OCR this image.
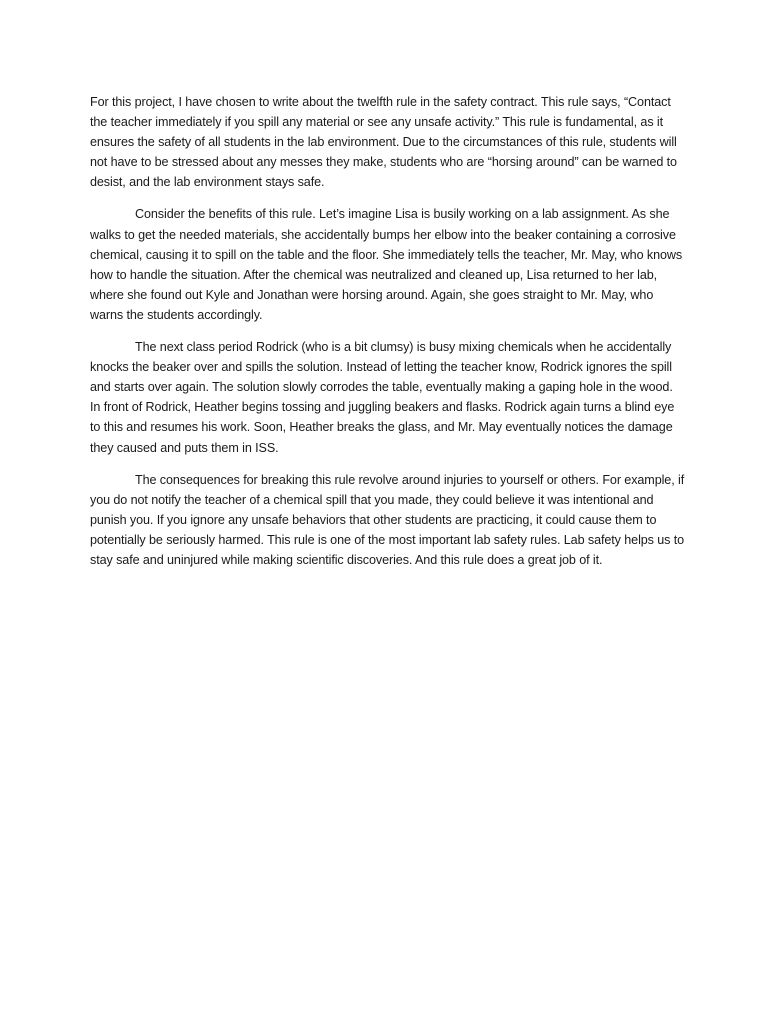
For this project, I have chosen to write about the twelfth rule in the safety contract. This rule says, “Contact the teacher immediately if you spill any material or see any unsafe activity.” This rule is fundamental, as it ensures the safety of all students in the lab environment. Due to the circumstances of this rule, students will not have to be stressed about any messes they make, students who are “horsing around” can be warned to desist, and the lab environment stays safe.

Consider the benefits of this rule. Let’s imagine Lisa is busily working on a lab assignment. As she walks to get the needed materials, she accidentally bumps her elbow into the beaker containing a corrosive chemical, causing it to spill on the table and the floor. She immediately tells the teacher, Mr. May, who knows how to handle the situation. After the chemical was neutralized and cleaned up, Lisa returned to her lab, where she found out Kyle and Jonathan were horsing around. Again, she goes straight to Mr. May, who warns the students accordingly.

The next class period Rodrick (who is a bit clumsy) is busy mixing chemicals when he accidentally knocks the beaker over and spills the solution. Instead of letting the teacher know, Rodrick ignores the spill and starts over again. The solution slowly corrodes the table, eventually making a gaping hole in the wood. In front of Rodrick, Heather begins tossing and juggling beakers and flasks. Rodrick again turns a blind eye to this and resumes his work. Soon, Heather breaks the glass, and Mr. May eventually notices the damage they caused and puts them in ISS.

The consequences for breaking this rule revolve around injuries to yourself or others. For example, if you do not notify the teacher of a chemical spill that you made, they could believe it was intentional and punish you. If you ignore any unsafe behaviors that other students are practicing, it could cause them to potentially be seriously harmed. This rule is one of the most important lab safety rules. Lab safety helps us to stay safe and uninjured while making scientific discoveries. And this rule does a great job of it.
